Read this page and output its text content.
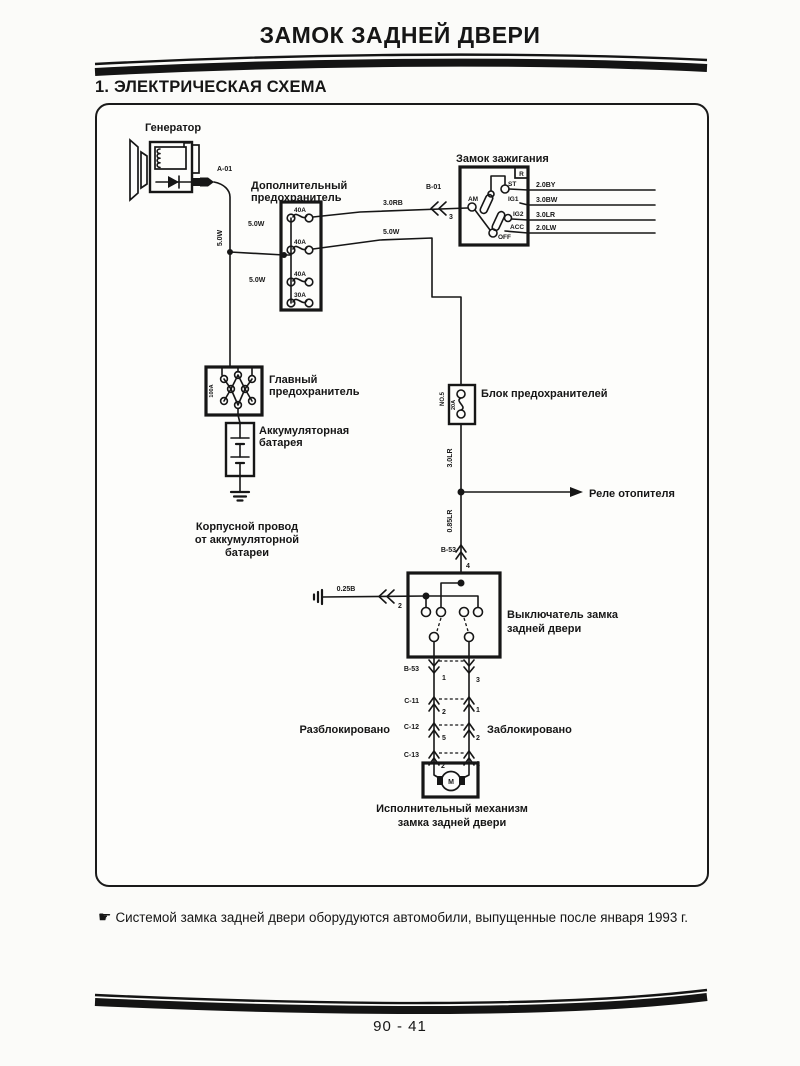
ЗАМОК ЗАДНЕЙ ДВЕРИ
1. ЭЛЕКТРИЧЕСКАЯ СХЕМА
Генератор
A-01
5.0W
5.0W
5.0W
Дополнительный
предохранитель
40A
40A
40A
30A
3.0RB
B-01
3
Замок зажигания
R
AM
OFF
ST
IG1
IG2
ACC
2.0BY
3.0BW
3.0LR
2.0LW
5.0W
100A
Главный
предохранитель
Аккумуляторная
батарея
Корпусной провод
от аккумуляторной
батареи
NO.5 20A
Блок предохранителей
3.0LR
Реле отопителя
0.85LR
B-53
4
Выключатель замка
задней двери
0.25B
2
B-53
1	3
C-11
2	1
C-12
5	2
Разблокировано	Заблокировано
C-13
2	1
M
Исполнительный механизм
замка задней двери

☛ Системой замка задней двери оборудуются автомобили, выпущенные после января 1993 г.

90 - 41
